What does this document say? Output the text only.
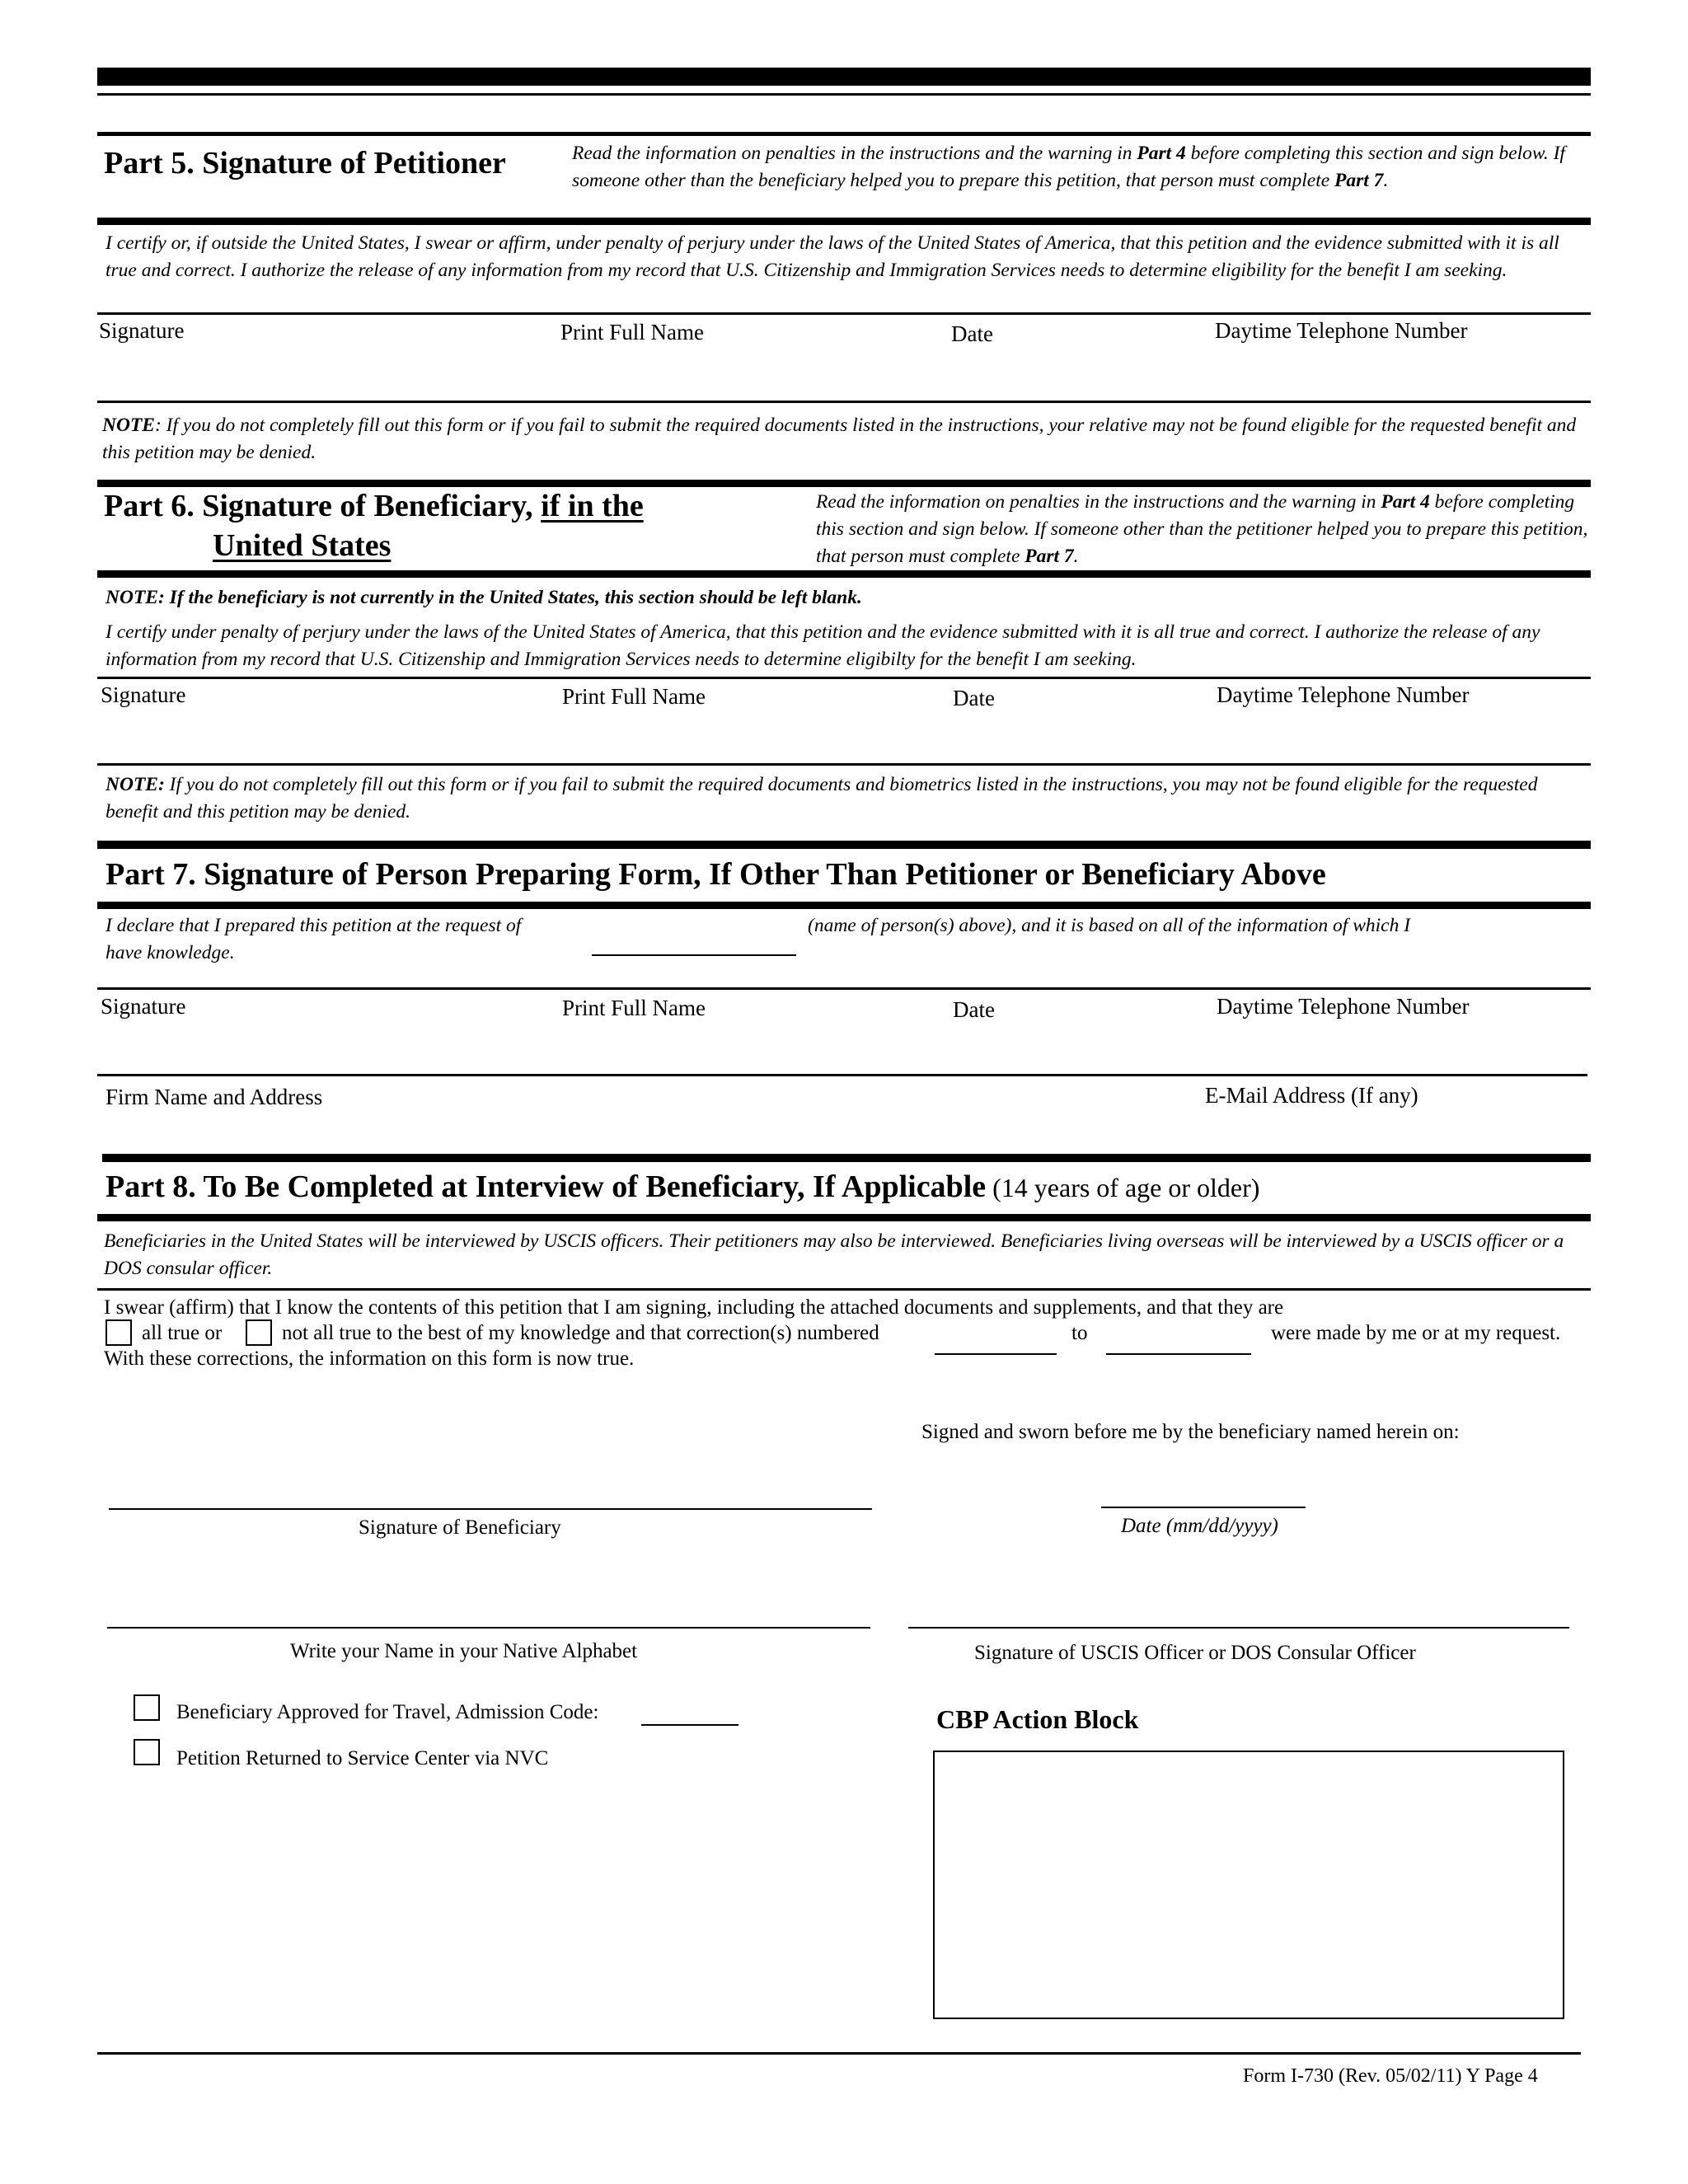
Part 5. Signature of Petitioner	Read the information on penalties in the instructions and the warning in Part 4 before completing this section and sign below. If someone other than the beneficiary helped you to prepare this petition, that person must complete Part 7.
I certify or, if outside the United States, I swear or affirm, under penalty of perjury under the laws of the United States of America, that this petition and the evidence submitted with it is all true and correct. I authorize the release of any information from my record that U.S. Citizenship and Immigration Services needs to determine eligibility for the benefit I am seeking.
Signature	Print Full Name	Date	Daytime Telephone Number
NOTE: If you do not completely fill out this form or if you fail to submit the required documents listed in the instructions, your relative may not be found eligible for the requested benefit and this petition may be denied.
Part 6. Signature of Beneficiary, if in the
United States
Read the information on penalties in the instructions and the warning in Part 4 before completing this section and sign below. If someone other than the petitioner helped you to prepare this petition, that person must complete Part 7.
NOTE: If the beneficiary is not currently in the United States, this section should be left blank.
I certify under penalty of perjury under the laws of the United States of America, that this petition and the evidence submitted with it is all true and correct. I authorize the release of any information from my record that U.S. Citizenship and Immigration Services needs to determine eligibilty for the benefit I am seeking.
Signature	Print Full Name	Date	Daytime Telephone Number
NOTE: If you do not completely fill out this form or if you fail to submit the required documents and biometrics listed in the instructions, you may not be found eligible for the requested benefit and this petition may be denied.
Part 7. Signature of Person Preparing Form, If Other Than Petitioner or Beneficiary Above
I declare that I prepared this petition at the request of
have knowledge.
(name of person(s) above), and it is based on all of the information of which I
Signature	Print Full Name	Date	Daytime Telephone Number
Firm Name and Address	E-Mail Address (If any)
Part 8. To Be Completed at Interview of Beneficiary, If Applicable (14 years of age or older)
Beneficiaries in the United States will be interviewed by USCIS officers. Their petitioners may also be interviewed. Beneficiaries living overseas will be interviewed by a USCIS officer or a DOS consular officer.
I swear (affirm) that I know the contents of this petition that I am signing, including the attached documents and supplements, and that they are
all true or	not all true to the best of my knowledge and that correction(s) numbered	to	were made by me or at my request.
With these corrections, the information on this form is now true.
Signed and sworn before me by the beneficiary named herein on:
Signature of Beneficiary	Date (mm/dd/yyyy)
Write your Name in your Native Alphabet	Signature of USCIS Officer or DOS Consular Officer
Beneficiary Approved for Travel, Admission Code:
Petition Returned to Service Center via NVC
CBP Action Block
Form I-730 (Rev. 05/02/11) Y Page 4
